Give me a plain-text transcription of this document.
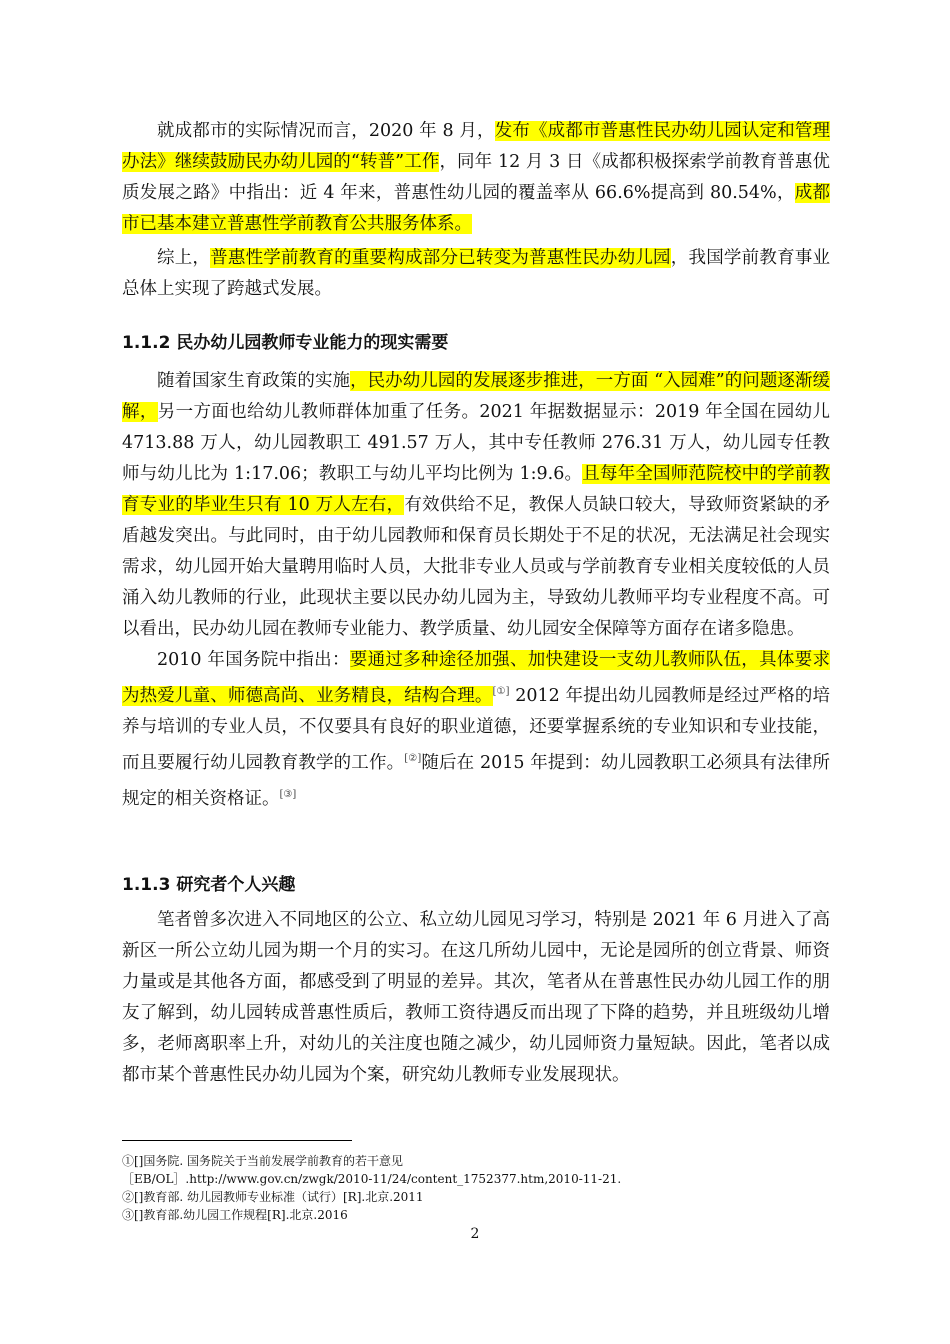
就成都市的实际情况而言，2020 年 8 月，发布《成都市普惠性民办幼儿园认定和管理办法》继续鼓励民办幼儿园的“转普”工作，同年 12 月 3 日《成都积极探索学前教育普惠优质发展之路》中指出：近 4 年来，普惠性幼儿园的覆盖率从 66.6%提高到 80.54%，成都市已基本建立普惠性学前教育公共服务体系。

综上，普惠性学前教育的重要构成部分已转变为普惠性民办幼儿园，我国学前教育事业总体上实现了跨越式发展。

1.1.2 民办幼儿园教师专业能力的现实需要

随着国家生育政策的实施，民办幼儿园的发展逐步推进，一方面 “入园难”的问题逐渐缓解，另一方面也给幼儿教师群体加重了任务。2021 年据数据显示：2019 年全国在园幼儿 4713.88 万人，幼儿园教职工 491.57 万人，其中专任教师 276.31 万人，幼儿园专任教师与幼儿比为 1:17.06；教职工与幼儿平均比例为 1:9.6。且每年全国师范院校中的学前教育专业的毕业生只有 10 万人左右，有效供给不足，教保人员缺口较大，导致师资紧缺的矛盾越发突出。与此同时，由于幼儿园教师和保育员长期处于不足的状况，无法满足社会现实需求，幼儿园开始大量聘用临时人员，大批非专业人员或与学前教育专业相关度较低的人员涌入幼儿教师的行业，此现状主要以民办幼儿园为主，导致幼儿教师平均专业程度不高。可以看出，民办幼儿园在教师专业能力、教学质量、幼儿园安全保障等方面存在诸多隐患。

2010 年国务院中指出：要通过多种途径加强、加快建设一支幼儿教师队伍，具体要求为热爱儿童、师德高尚、业务精良，结构合理。[①] 2012 年提出幼儿园教师是经过严格的培养与培训的专业人员，不仅要具有良好的职业道德，还要掌握系统的专业知识和专业技能，而且要履行幼儿园教育教学的工作。[②]随后在 2015 年提到：幼儿园教职工必须具有法律所规定的相关资格证。[③]

1.1.3 研究者个人兴趣

笔者曾多次进入不同地区的公立、私立幼儿园见习学习，特别是 2021 年 6 月进入了高新区一所公立幼儿园为期一个月的实习。在这几所幼儿园中，无论是园所的创立背景、师资力量或是其他各方面，都感受到了明显的差异。其次，笔者从在普惠性民办幼儿园工作的朋友了解到，幼儿园转成普惠性质后，教师工资待遇反而出现了下降的趋势，并且班级幼儿增多，老师离职率上升，对幼儿的关注度也随之减少，幼儿园师资力量短缺。因此，笔者以成都市某个普惠性民办幼儿园为个案，研究幼儿教师专业发展现状。

①[]国务院. 国务院关于当前发展学前教育的若干意见

［EB/OL］.http://www.gov.cn/zwgk/2010-11/24/content_1752377.htm,2010-11-21.

②[]教育部. 幼儿园教师专业标准（试行）[R].北京.2011

③[]教育部.幼儿园工作规程[R].北京.2016

2
